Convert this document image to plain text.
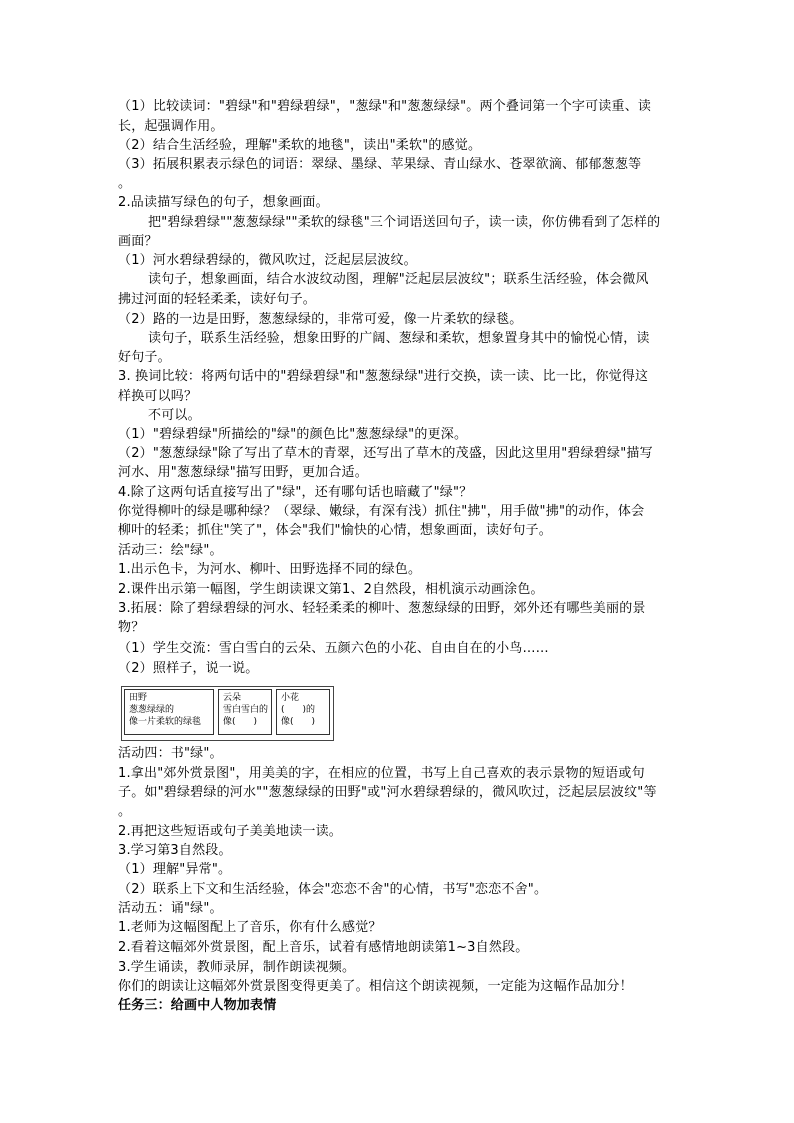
（1）比较读词："碧绿"和"碧绿碧绿"，"葱绿"和"葱葱绿绿"。两个叠词第一个字可读重、读
长，起强调作用。
（2）结合生活经验，理解"柔软的地毯"，读出"柔软"的感觉。
（3）拓展积累表示绿色的词语：翠绿、墨绿、苹果绿、青山绿水、苍翠欲滴、郁郁葱葱等
。
2.品读描写绿色的句子，想象画面。
把"碧绿碧绿""葱葱绿绿""柔软的绿毯"三个词语送回句子，读一读，你仿佛看到了怎样的
画面？
（1）河水碧绿碧绿的，微风吹过，泛起层层波纹。
读句子，想象画面，结合水波纹动图，理解"泛起层层波纹"；联系生活经验，体会微风
拂过河面的轻轻柔柔，读好句子。
（2）路的一边是田野，葱葱绿绿的，非常可爱，像一片柔软的绿毯。
读句子，联系生活经验，想象田野的广阔、葱绿和柔软，想象置身其中的愉悦心情，读
好句子。
3. 换词比较：将两句话中的"碧绿碧绿"和"葱葱绿绿"进行交换，读一读、比一比，你觉得这
样换可以吗？
不可以。
（1）"碧绿碧绿"所描绘的"绿"的颜色比"葱葱绿绿"的更深。
（2）"葱葱绿绿"除了写出了草木的青翠，还写出了草木的茂盛，因此这里用"碧绿碧绿"描写
河水、用"葱葱绿绿"描写田野，更加合适。
4.除了这两句话直接写出了"绿"，还有哪句话也暗藏了"绿"？
你觉得柳叶的绿是哪种绿？（翠绿、嫩绿，有深有浅）抓住"拂"，用手做"拂"的动作，体会
柳叶的轻柔；抓住"笑了"，体会"我们"愉快的心情，想象画面，读好句子。
活动三：绘"绿"。
1.出示色卡，为河水、柳叶、田野选择不同的绿色。
2.课件出示第一幅图，学生朗读课文第1、2自然段，相机演示动画涂色。
3.拓展：除了碧绿碧绿的河水、轻轻柔柔的柳叶、葱葱绿绿的田野，郊外还有哪些美丽的景
物？
（1）学生交流：雪白雪白的云朵、五颜六色的小花、自由自在的小鸟……
（2）照样子，说一说。
田野
葱葱绿绿的
像一片柔软的绿毯
云朵
雪白雪白的
像(　　)
小花
(　　)的
像(　　)
活动四：书"绿"。
1.拿出"郊外赏景图"，用美美的字，在相应的位置，书写上自己喜欢的表示景物的短语或句
子。如"碧绿碧绿的河水""葱葱绿绿的田野"或"河水碧绿碧绿的，微风吹过，泛起层层波纹"等
。
2.再把这些短语或句子美美地读一读。
3.学习第3自然段。
（1）理解"异常"。
（2）联系上下文和生活经验，体会"恋恋不舍"的心情，书写"恋恋不舍"。
活动五：诵"绿"。
1.老师为这幅图配上了音乐，你有什么感觉？
2.看着这幅郊外赏景图，配上音乐，试着有感情地朗读第1~3自然段。
3.学生诵读，教师录屏，制作朗读视频。
你们的朗读让这幅郊外赏景图变得更美了。相信这个朗读视频，一定能为这幅作品加分！
任务三：给画中人物加表情
